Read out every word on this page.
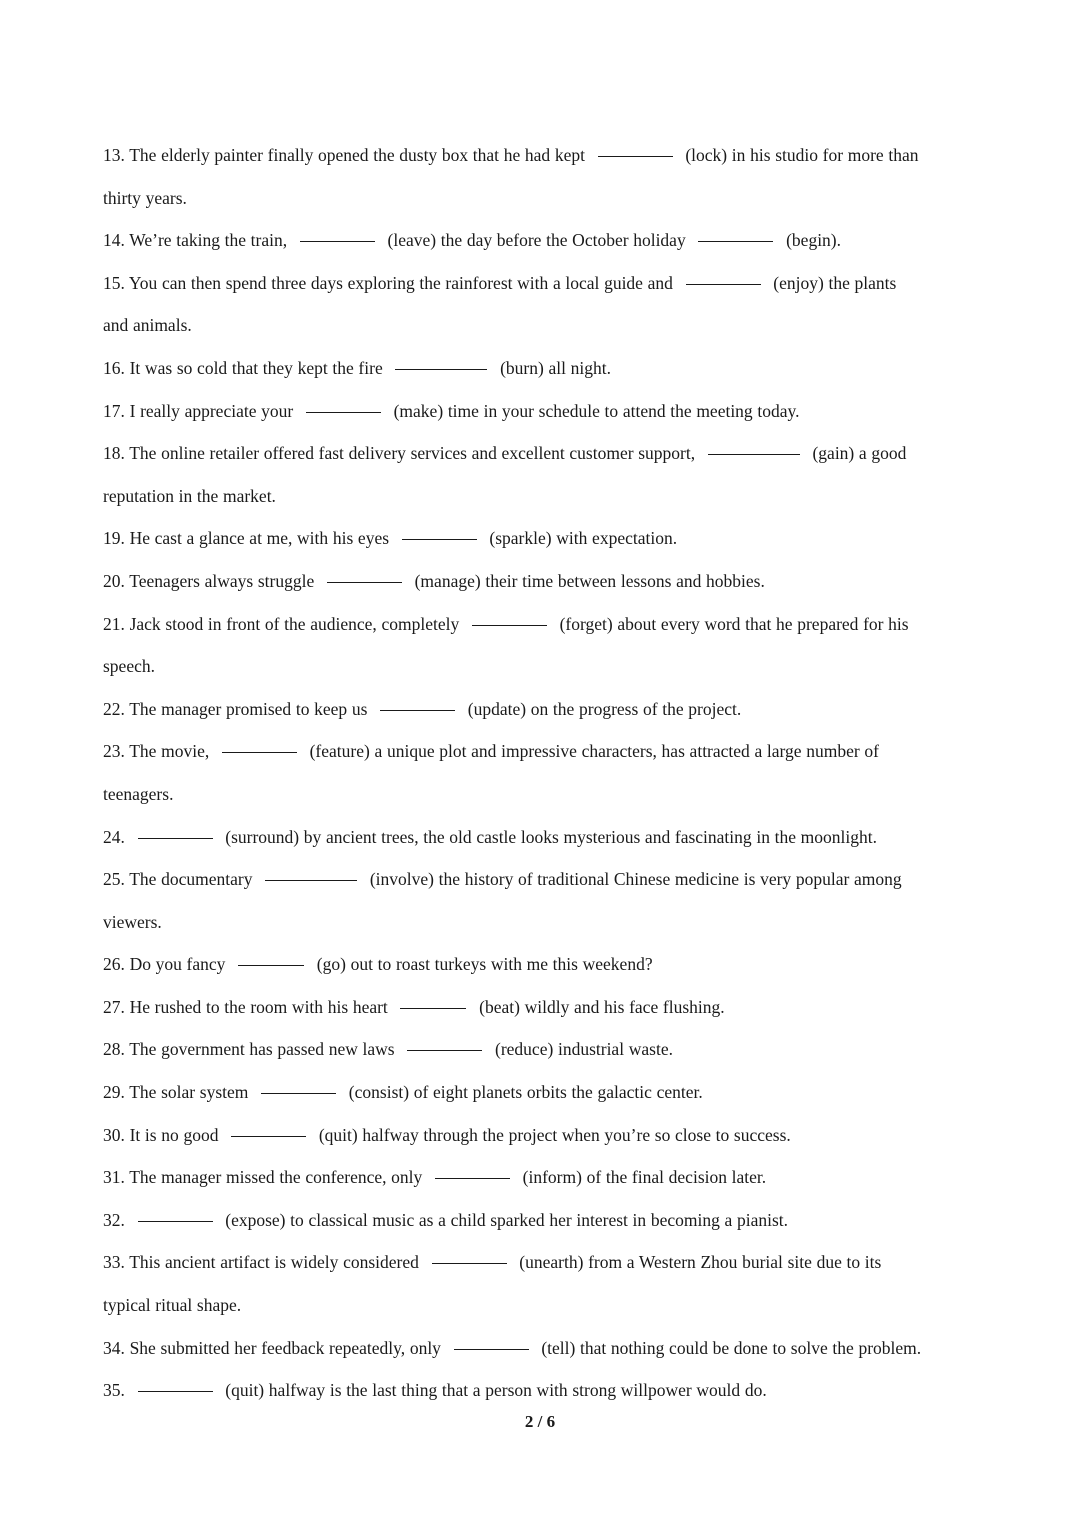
13. The elderly painter finally opened the dusty box that he had kept	(lock) in his studio for more than
thirty years.
14. We’re taking the train,	(leave) the day before the October holiday	(begin).
15. You can then spend three days exploring the rainforest with a local guide and	(enjoy) the plants
and animals.
16. It was so cold that they kept the fire	(burn) all night.
17. I really appreciate your	(make) time in your schedule to attend the meeting today.
18. The online retailer offered fast delivery services and excellent customer support,	(gain) a good
reputation in the market.
19. He cast a glance at me, with his eyes	(sparkle) with expectation.
20. Teenagers always struggle	(manage) their time between lessons and hobbies.
21. Jack stood in front of the audience, completely	(forget) about every word that he prepared for his
speech.
22. The manager promised to keep us	(update) on the progress of the project.
23. The movie,	(feature) a unique plot and impressive characters, has attracted a large number of
teenagers.
24.	(surround) by ancient trees, the old castle looks mysterious and fascinating in the moonlight.
25. The documentary	(involve) the history of traditional Chinese medicine is very popular among
viewers.
26. Do you fancy	(go) out to roast turkeys with me this weekend?
27. He rushed to the room with his heart	(beat) wildly and his face flushing.
28. The government has passed new laws	(reduce) industrial waste.
29. The solar system	(consist) of eight planets orbits the galactic center.
30. It is no good	(quit) halfway through the project when you’re so close to success.
31. The manager missed the conference, only	(inform) of the final decision later.
32.	(expose) to classical music as a child sparked her interest in becoming a pianist.
33. This ancient artifact is widely considered	(unearth) from a Western Zhou burial site due to its
typical ritual shape.
34. She submitted her feedback repeatedly, only	(tell) that nothing could be done to solve the problem.
35.	(quit) halfway is the last thing that a person with strong willpower would do.
2 / 6
